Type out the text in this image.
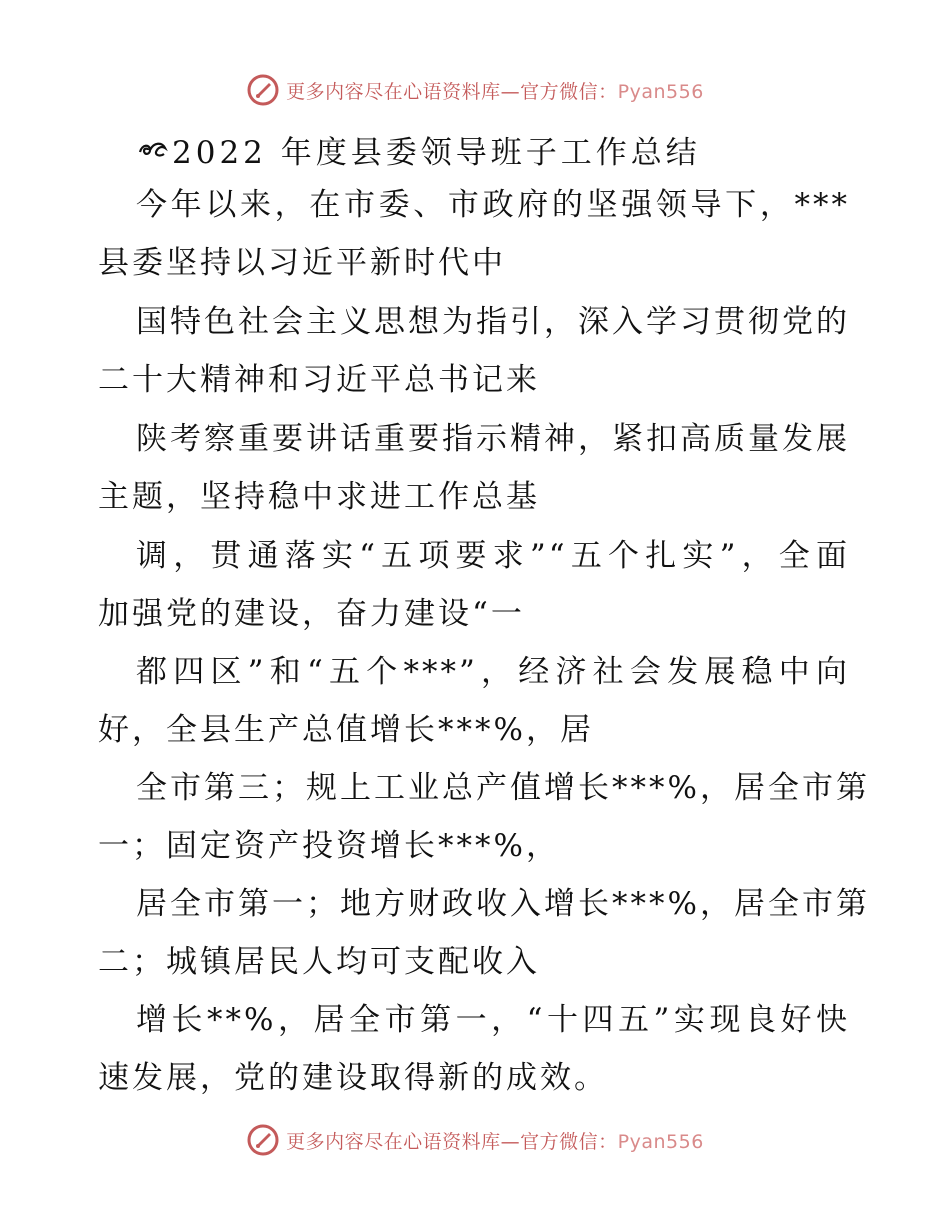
更多内容尽在心语资料库—官方微信：Pyan556
2022 年度县委领导班子工作总结
今年以来，在市委、市政府的坚强领导下，***
县委坚持以习近平新时代中
国特色社会主义思想为指引，深入学习贯彻党的
二十大精神和习近平总书记来
陕考察重要讲话重要指示精神，紧扣高质量发展
主题，坚持稳中求进工作总基
调，贯通落实“五项要求”“五个扎实”，全面
加强党的建设，奋力建设“一
都四区”和“五个***”，经济社会发展稳中向
好，全县生产总值增长***%，居
全市第三；规上工业总产值增长***%，居全市第
一；固定资产投资增长***%，
居全市第一；地方财政收入增长***%，居全市第
二；城镇居民人均可支配收入
增长**%，居全市第一，“十四五”实现良好快
速发展，党的建设取得新的成效。
更多内容尽在心语资料库—官方微信：Pyan556
